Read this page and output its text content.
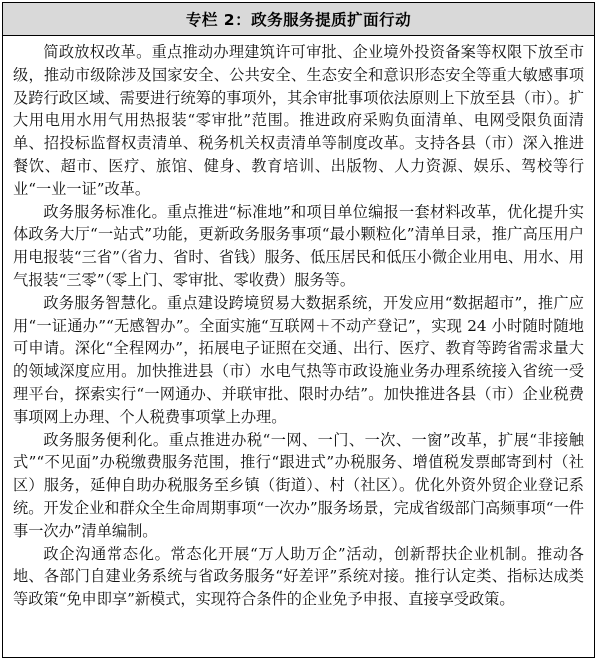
专栏 2：政务服务提质扩面行动

简政放权改革。重点推动办理建筑许可审批、企业境外投资备案等权限下放至市级，推动市级除涉及国家安全、公共安全、生态安全和意识形态安全等重大敏感事项及跨行政区域、需要进行统筹的事项外，其余审批事项依法原则上下放至县（市）。扩大用电用水用气用热报装“零审批”范围。推进政府采购负面清单、电网受限负面清单、招投标监督权责清单、税务机关权责清单等制度改革。支持各县（市）深入推进餐饮、超市、医疗、旅馆、健身、教育培训、出版物、人力资源、娱乐、驾校等行业“一业一证”改革。

政务服务标准化。重点推进“标准地”和项目单位编报一套材料改革，优化提升实体政务大厅“一站式”功能，更新政务服务事项“最小颗粒化”清单目录，推广高压用户用电报装“三省”（省力、省时、省钱）服务、低压居民和低压小微企业用电、用水、用气报装“三零”（零上门、零审批、零收费）服务等。

政务服务智慧化。重点建设跨境贸易大数据系统，开发应用“数据超市”，推广应用“一证通办”“无感智办”。全面实施“互联网＋不动产登记”，实现 24 小时随时随地可申请。深化“全程网办”，拓展电子证照在交通、出行、医疗、教育等跨省需求量大的领域深度应用。加快推进县（市）水电气热等市政设施业务办理系统接入省统一受理平台，探索实行“一网通办、并联审批、限时办结”。加快推进各县（市）企业税费事项网上办理、个人税费事项掌上办理。

政务服务便利化。重点推进办税“一网、一门、一次、一窗”改革，扩展“非接触式”“不见面”办税缴费服务范围，推行“跟进式”办税服务、增值税发票邮寄到村（社区）服务，延伸自助办税服务至乡镇（街道）、村（社区）。优化外资外贸企业登记系统。开发企业和群众全生命周期事项“一次办”服务场景，完成省级部门高频事项“一件事一次办”清单编制。

政企沟通常态化。常态化开展“万人助万企”活动，创新帮扶企业机制。推动各地、各部门自建业务系统与省政务服务“好差评”系统对接。推行认定类、指标达成类等政策“免申即享”新模式，实现符合条件的企业免予申报、直接享受政策。
